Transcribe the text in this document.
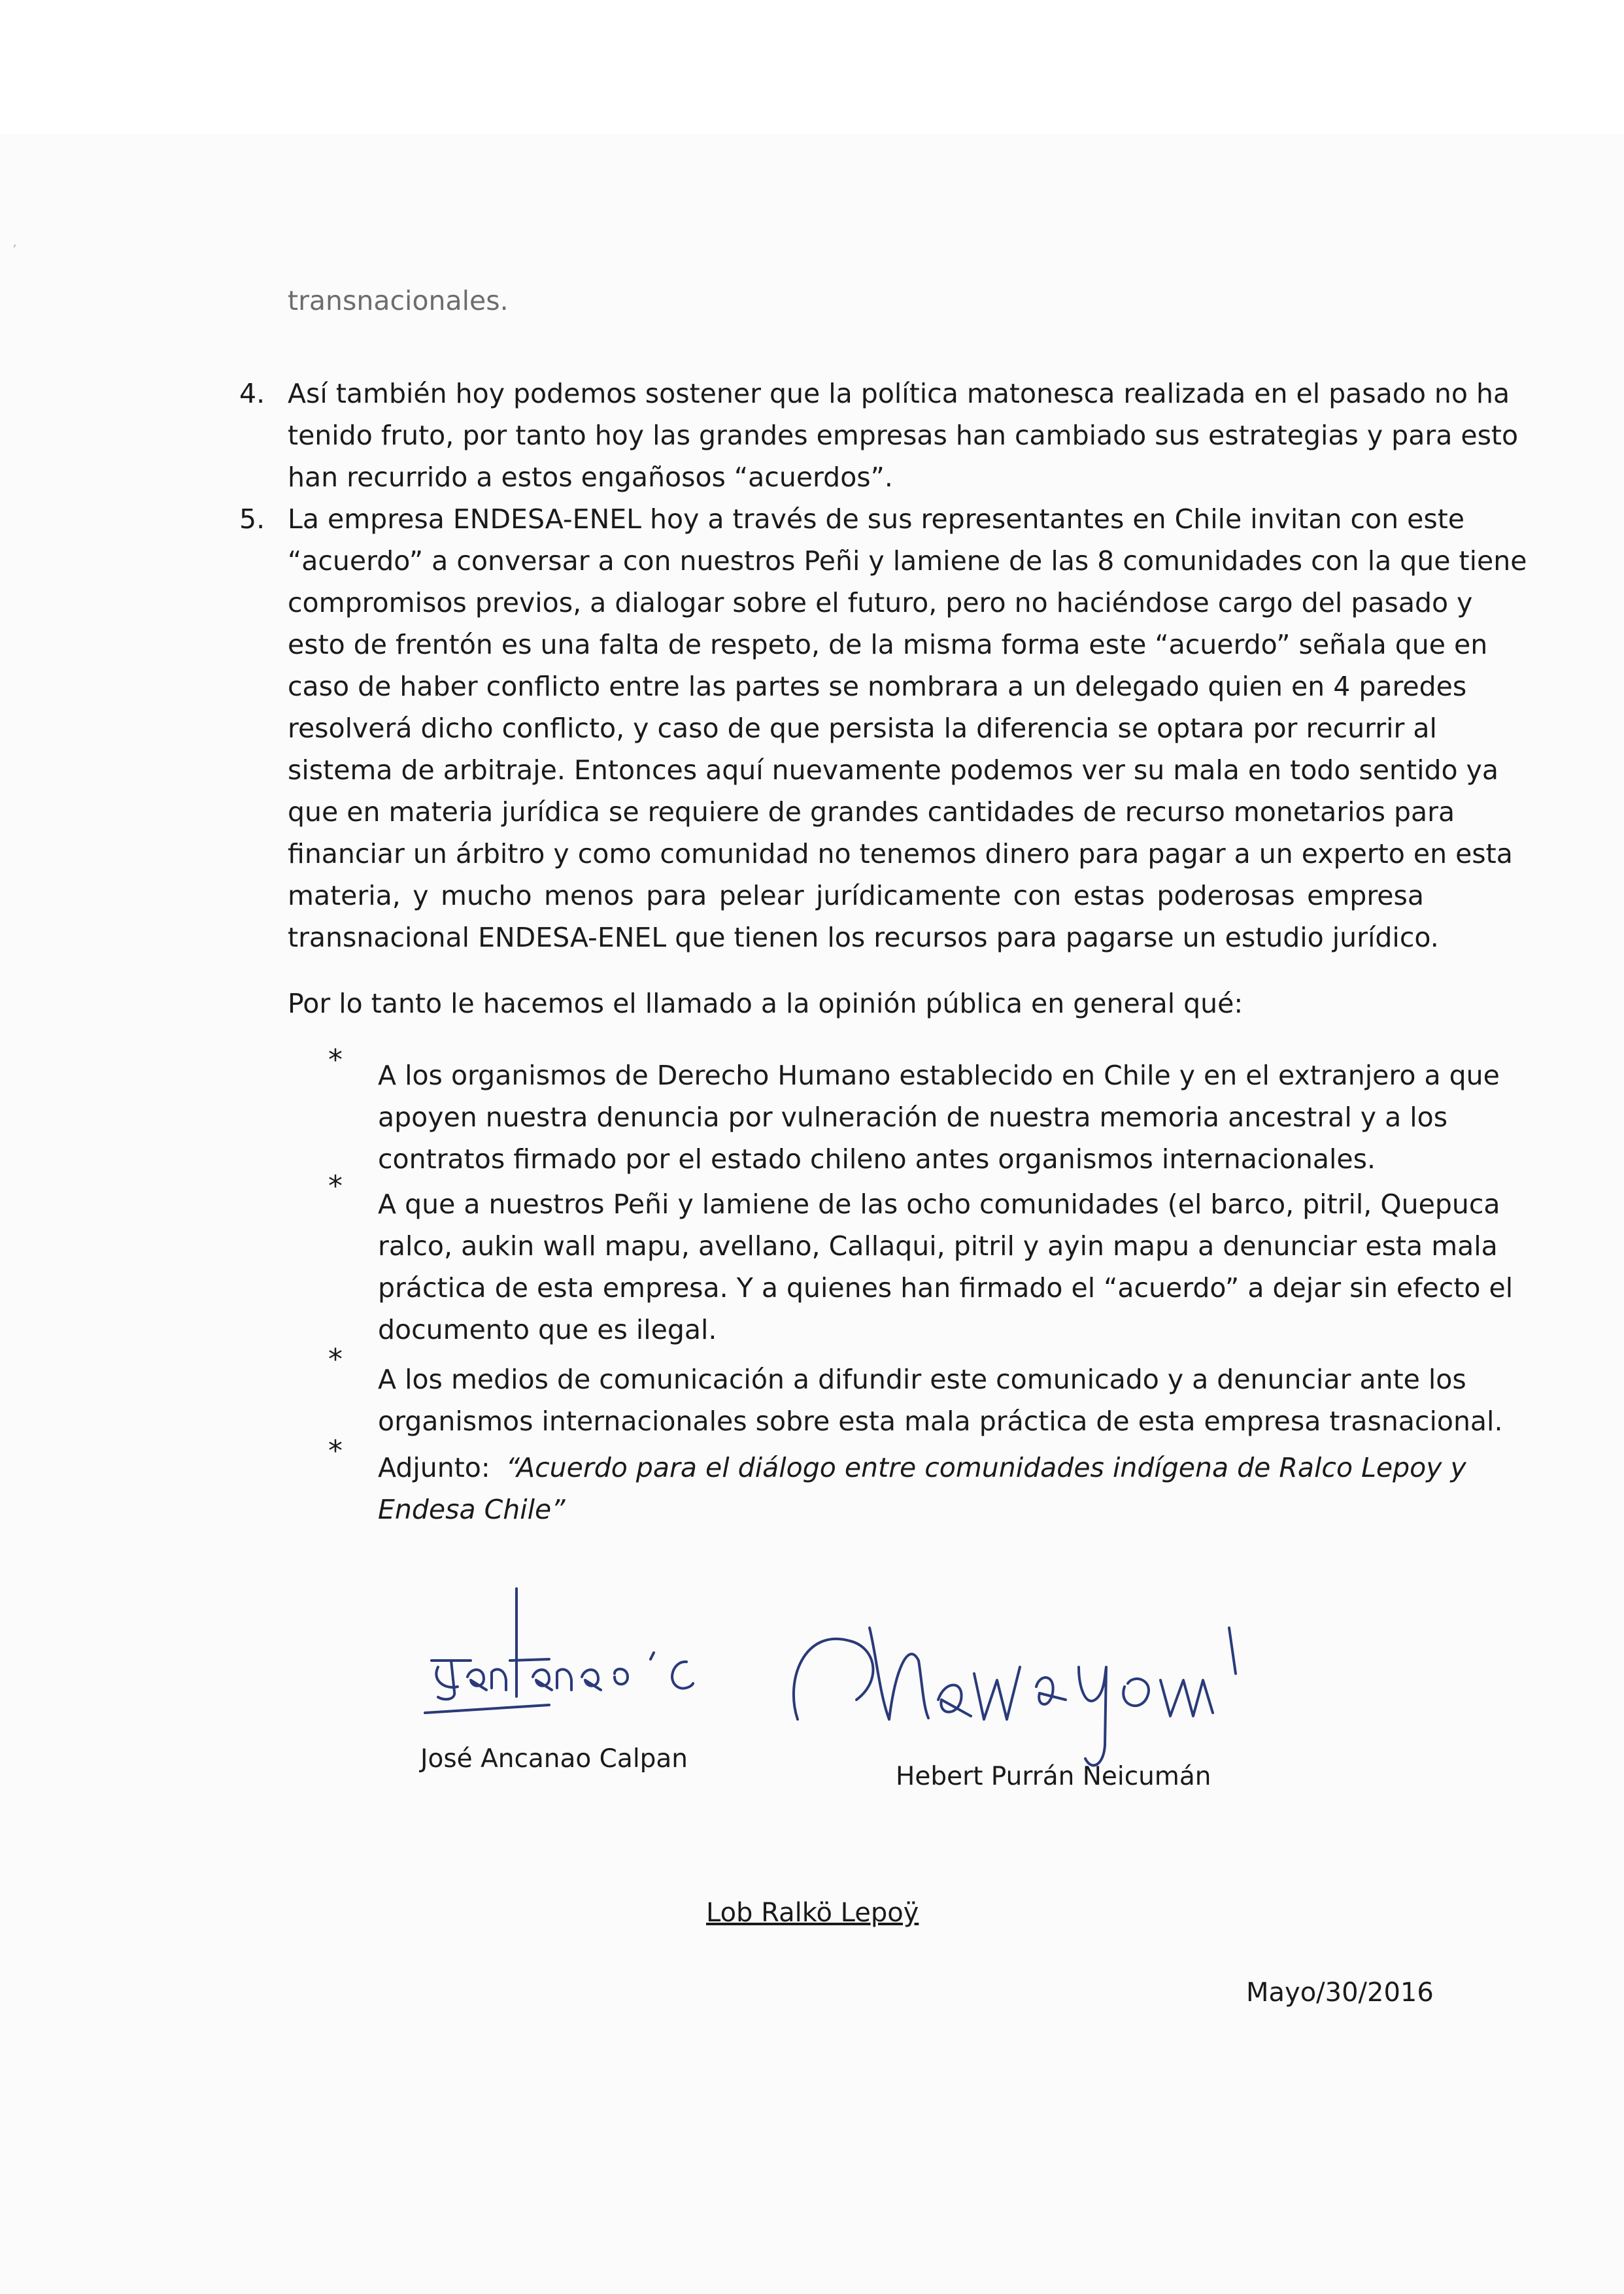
′
transnacionales.
4. Así también hoy podemos sostener que la política matonesca realizada en el pasado no ha
tenido fruto, por tanto hoy las grandes empresas han cambiado sus estrategias y para esto
han recurrido a estos engañosos “acuerdos”.
5. La empresa ENDESA-ENEL hoy a través de sus representantes en Chile invitan con este
“acuerdo” a conversar a con nuestros Peñi y lamiene de las 8 comunidades con la que tiene
compromisos previos, a dialogar sobre el futuro, pero no haciéndose cargo del pasado y
esto de frentón es una falta de respeto, de la misma forma este “acuerdo” señala que en
caso de haber conflicto entre las partes se nombrara a un delegado quien en 4 paredes
resolverá dicho conflicto, y caso de que persista la diferencia se optara por recurrir al
sistema de arbitraje. Entonces aquí nuevamente podemos ver su mala en todo sentido ya
que en materia jurídica se requiere de grandes cantidades de recurso monetarios para
financiar un árbitro y como comunidad no tenemos dinero para pagar a un experto en esta
materia, y mucho menos para pelear jurídicamente con estas poderosas empresa
transnacional ENDESA-ENEL que tienen los recursos para pagarse un estudio jurídico.
Por lo tanto le hacemos el llamado a la opinión pública en general qué:
* A los organismos de Derecho Humano establecido en Chile y en el extranjero a que
apoyen nuestra denuncia por vulneración de nuestra memoria ancestral y a los
contratos firmado por el estado chileno antes organismos internacionales.
*
A que a nuestros Peñi y lamiene de las ocho comunidades (el barco, pitril, Quepuca
ralco, aukin wall mapu, avellano, Callaqui, pitril y ayin mapu a denunciar esta mala
práctica de esta empresa. Y a quienes han firmado el “acuerdo” a dejar sin efecto el
documento que es ilegal.
*
A los medios de comunicación a difundir este comunicado y a denunciar ante los
organismos internacionales sobre esta mala práctica de esta empresa trasnacional.
* Adjunto: “Acuerdo para el diálogo entre comunidades indígena de Ralco Lepoy y
Endesa Chile”
José Ancanao Calpan
Hebert Purrán Neicumán
Lob Ralkö Lepoÿ
Mayo/30/2016
